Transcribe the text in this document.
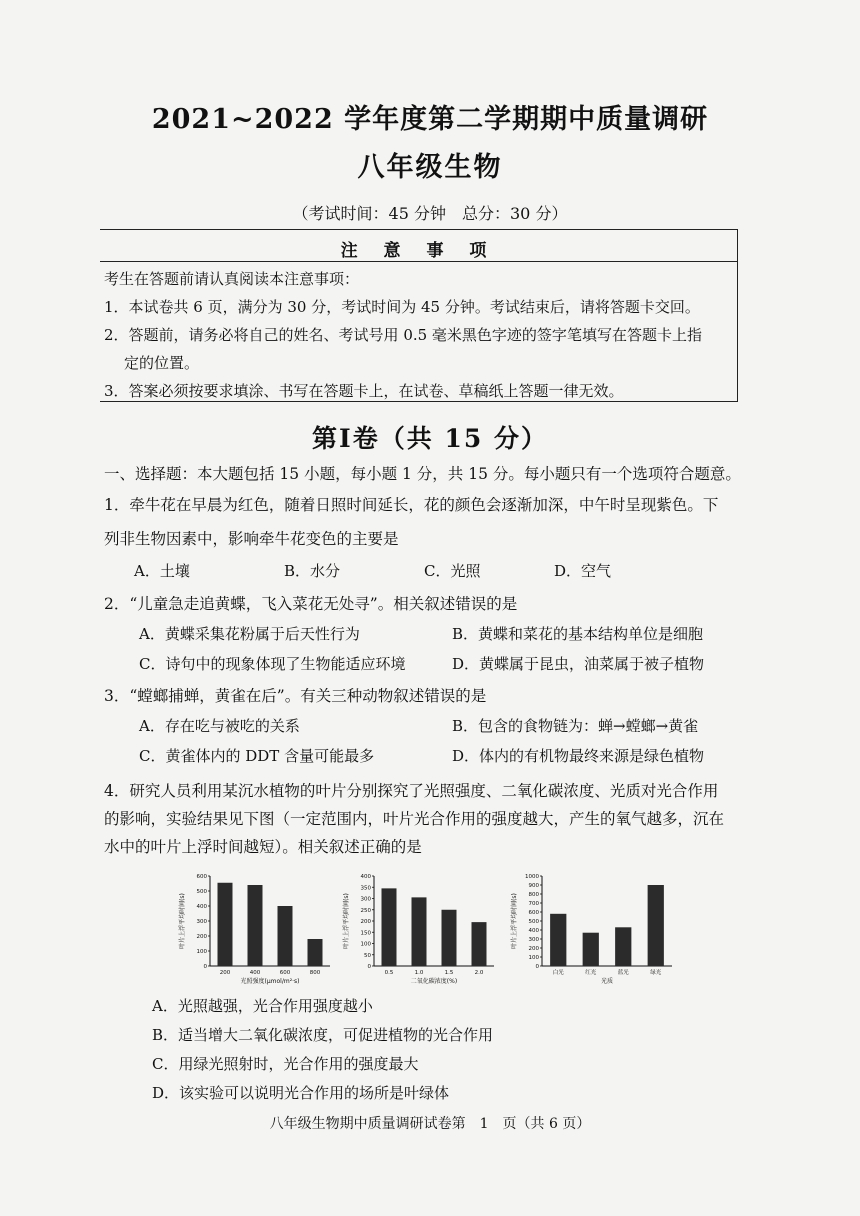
2021~2022 学年度第二学期期中质量调研
八年级生物
（考试时间：45 分钟　总分：30 分）
注 意 事 项
考生在答题前请认真阅读本注意事项：
1．本试卷共 6 页，满分为 30 分，考试时间为 45 分钟。考试结束后，请将答题卡交回。
2．答题前，请务必将自己的姓名、考试号用 0.5 毫米黑色字迹的签字笔填写在答题卡上指
定的位置。
3．答案必须按要求填涂、书写在答题卡上，在试卷、草稿纸上答题一律无效。
第Ⅰ卷（共 15 分）
一、选择题：本大题包括 15 小题，每小题 1 分，共 15 分。每小题只有一个选项符合题意。
1．牵牛花在早晨为红色，随着日照时间延长，花的颜色会逐渐加深，中午时呈现紫色。下
列非生物因素中，影响牵牛花变色的主要是
A．土壤	B．水分	C．光照	D．空气
2．“儿童急走追黄蝶，飞入菜花无处寻”。相关叙述错误的是
A．黄蝶采集花粉属于后天性行为	B．黄蝶和菜花的基本结构单位是细胞
C．诗句中的现象体现了生物能适应环境	D．黄蝶属于昆虫，油菜属于被子植物
3．“螳螂捕蝉，黄雀在后”。有关三种动物叙述错误的是
A．存在吃与被吃的关系	B．包含的食物链为：蝉→螳螂→黄雀
C．黄雀体内的 DDT 含量可能最多	D．体内的有机物最终来源是绿色植物
4．研究人员利用某沉水植物的叶片分别探究了光照强度、二氧化碳浓度、光质对光合作用
的影响，实验结果见下图（一定范围内，叶片光合作用的强度越大，产生的氧气越多，沉在
水中的叶片上浮时间越短）。相关叙述正确的是
叶片上浮平均时间(s)
0
100
200
300
400
500
600
200	400	600	800
光照强度(μmol/m²·s)
叶片上浮平均时间(s)
0
50
100
150
200
250
300
350
400
0.5	1.0	1.5	2.0
二氧化碳浓度(%)
叶片上浮平均时间(s)
0
100
200
300
400
500
600
700
800
900
1000
白光	红光	蓝光	绿光
光质
A．光照越强，光合作用强度越小
B．适当增大二氧化碳浓度，可促进植物的光合作用
C．用绿光照射时，光合作用的强度最大
D．该实验可以说明光合作用的场所是叶绿体
八年级生物期中质量调研试卷第　1　页（共 6 页）
